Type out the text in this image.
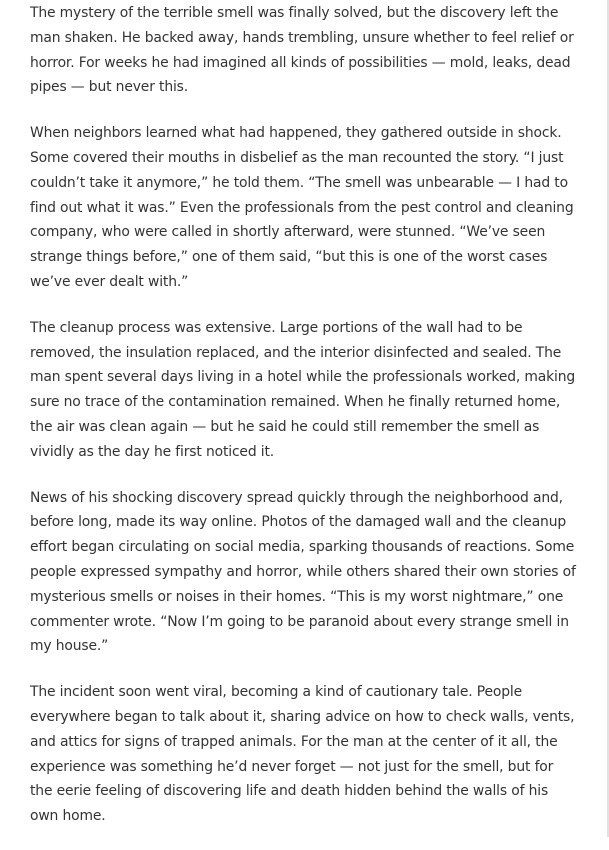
The mystery of the terrible smell was finally solved, but the discovery left the man shaken. He backed away, hands trembling, unsure whether to feel relief or horror. For weeks he had imagined all kinds of possibilities — mold, leaks, dead pipes — but never this.

When neighbors learned what had happened, they gathered outside in shock. Some covered their mouths in disbelief as the man recounted the story. “I just couldn’t take it anymore,” he told them. “The smell was unbearable — I had to find out what it was.” Even the professionals from the pest control and cleaning company, who were called in shortly afterward, were stunned. “We’ve seen strange things before,” one of them said, “but this is one of the worst cases we’ve ever dealt with.”

The cleanup process was extensive. Large portions of the wall had to be removed, the insulation replaced, and the interior disinfected and sealed. The man spent several days living in a hotel while the professionals worked, making sure no trace of the contamination remained. When he finally returned home, the air was clean again — but he said he could still remember the smell as vividly as the day he first noticed it.

News of his shocking discovery spread quickly through the neighborhood and, before long, made its way online. Photos of the damaged wall and the cleanup effort began circulating on social media, sparking thousands of reactions. Some people expressed sympathy and horror, while others shared their own stories of mysterious smells or noises in their homes. “This is my worst nightmare,” one commenter wrote. “Now I’m going to be paranoid about every strange smell in my house.”

The incident soon went viral, becoming a kind of cautionary tale. People everywhere began to talk about it, sharing advice on how to check walls, vents, and attics for signs of trapped animals. For the man at the center of it all, the experience was something he’d never forget — not just for the smell, but for the eerie feeling of discovering life and death hidden behind the walls of his own home.
